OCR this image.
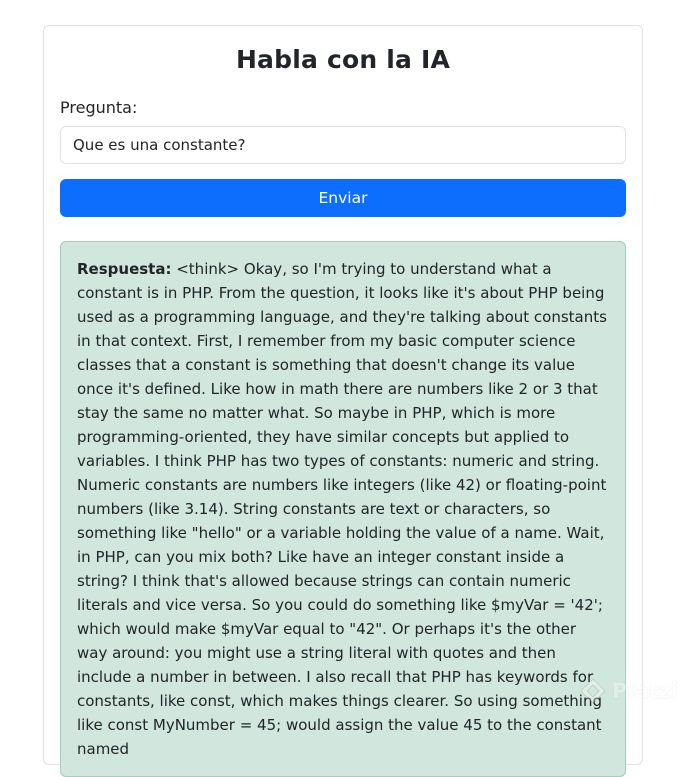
Habla con la IA
Pregunta:
Que es una constante? Enviar
Respuesta: <think> Okay, so I'm trying to understand what a constant is in PHP. From the question, it looks like it's about PHP being used as a programming language, and they're talking about constants in that context. First, I remember from my basic computer science classes that a constant is something that doesn't change its value once it's defined. Like how in math there are numbers like 2 or 3 that stay the same no matter what. So maybe in PHP, which is more programming-oriented, they have similar concepts but applied to variables. I think PHP has two types of constants: numeric and string. Numeric constants are numbers like integers (like 42) or floating-point numbers (like 3.14). String constants are text or characters, so something like "hello" or a variable holding the value of a name. Wait, in PHP, can you mix both? Like have an integer constant inside a string? I think that's allowed because strings can contain numeric literals and vice versa. So you could do something like $myVar = '42'; which would make $myVar equal to "42". Or perhaps it's the other way around: you might use a string literal with quotes and then include a number in between. I also recall that PHP has keywords for constants, like const, which makes things clearer. So using something like const MyNumber = 45; would assign the value 45 to the constant named
Platzi
